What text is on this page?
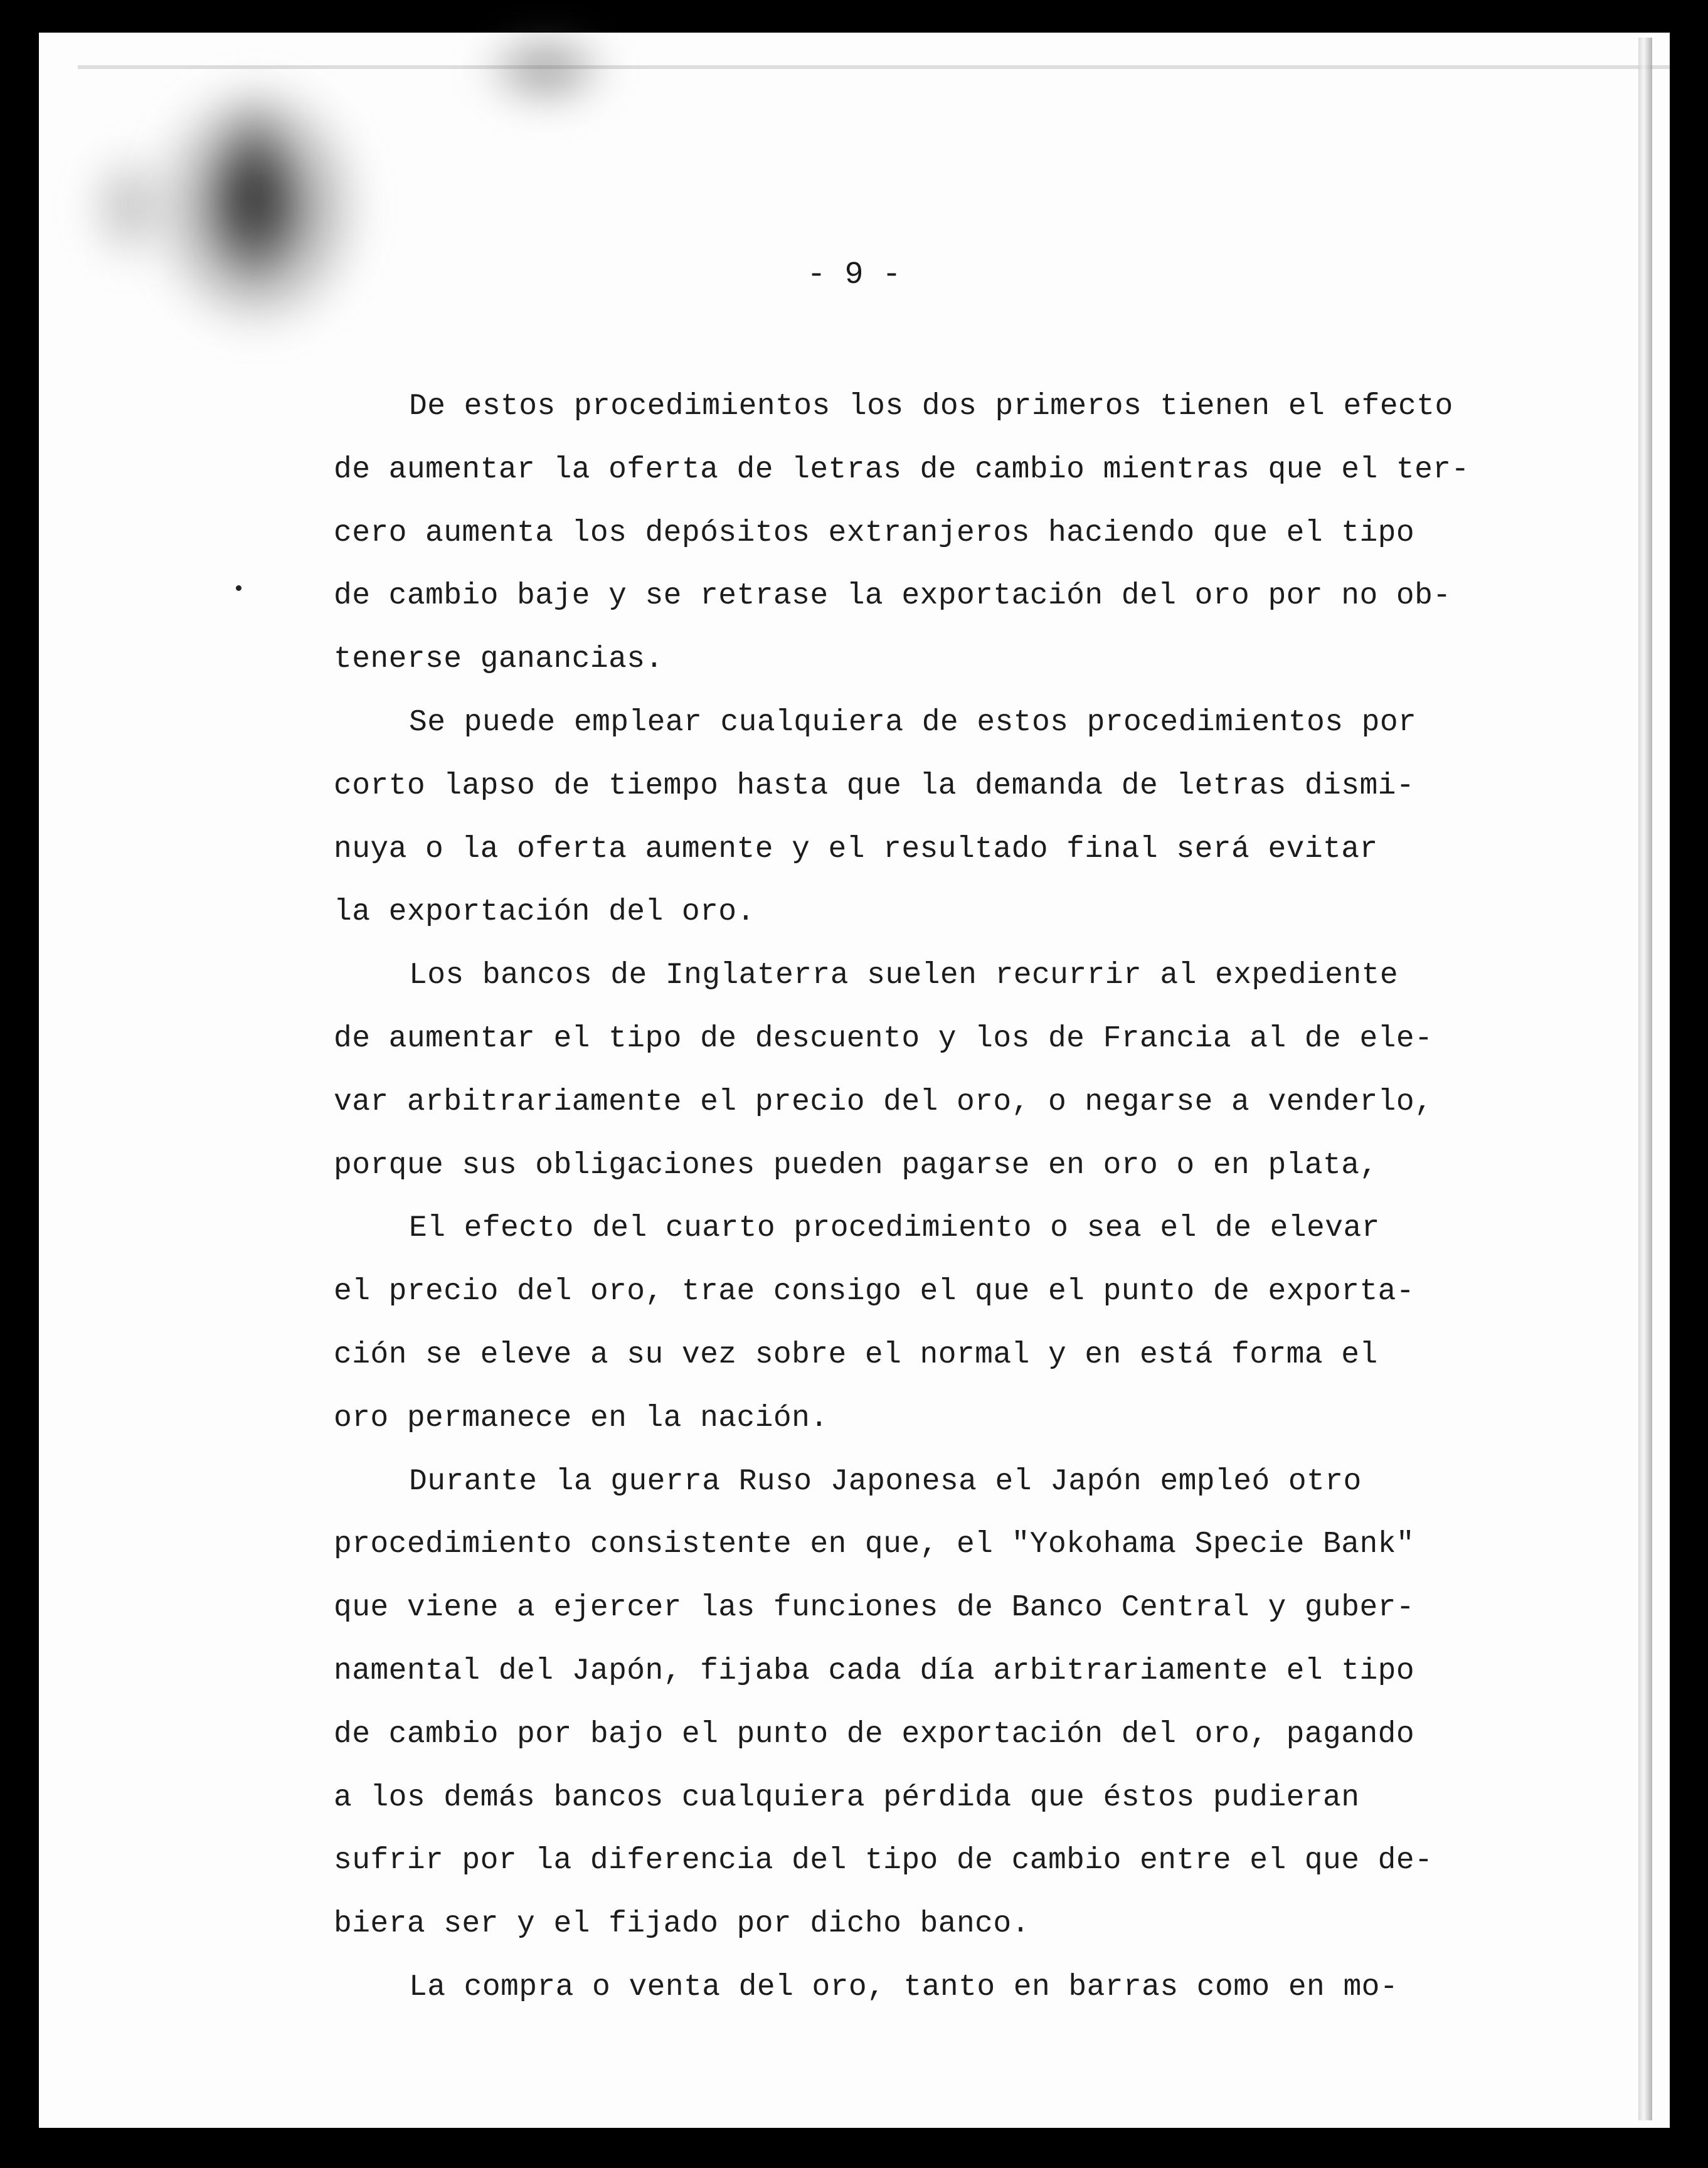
- 9 -

De estos procedimientos los dos primeros tienen el efecto
de aumentar la oferta de letras de cambio mientras que el ter-
cero aumenta los depósitos extranjeros haciendo que el tipo
de cambio baje y se retrase la exportación del oro por no ob-
tenerse ganancias.

Se puede emplear cualquiera de estos procedimientos por
corto lapso de tiempo hasta que la demanda de letras dismi-
nuya o la oferta aumente y el resultado final será evitar
la exportación del oro.

Los bancos de Inglaterra suelen recurrir al expediente
de aumentar el tipo de descuento y los de Francia al de ele-
var arbitrariamente el precio del oro, o negarse a venderlo,
porque sus obligaciones pueden pagarse en oro o en plata,

El efecto del cuarto procedimiento o sea el de elevar
el precio del oro, trae consigo el que el punto de exporta-
ción se eleve a su vez sobre el normal y en está forma el
oro permanece en la nación.

Durante la guerra Ruso Japonesa el Japón empleó otro
procedimiento consistente en que, el "Yokohama Specie Bank"
que viene a ejercer las funciones de Banco Central y guber-
namental del Japón, fijaba cada día arbitrariamente el tipo
de cambio por bajo el punto de exportación del oro, pagando
a los demás bancos cualquiera pérdida que éstos pudieran
sufrir por la diferencia del tipo de cambio entre el que de-
biera ser y el fijado por dicho banco.

La compra o venta del oro, tanto en barras como en mo-
